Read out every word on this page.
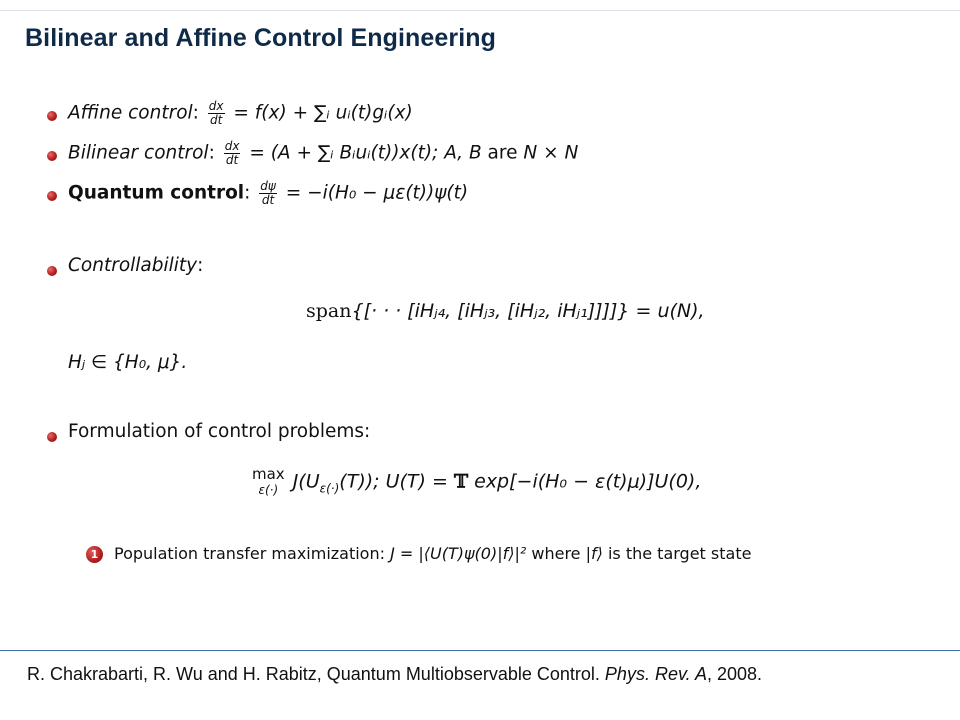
Bilinear and Affine Control Engineering
Affine control: $\frac{dx}{dt} = f(x)$ + ∑ᵢ uᵢ(t)gᵢ(x)
Bilinear control: $\frac{dx}{dt} = (A$ + ∑ᵢ Bᵢuᵢ(t))x(t); A, B are N × N
Quantum control: $\frac{d\psi}{dt} = -i(H_0 - \mu\varepsilon(t))\psi(t)$
Controllability:
span{[· · · [iHⱼ₄, [iHⱼ₃, [iHⱼ₂, iHⱼ₁]]]]} = u(N),
Hⱼ ∈ {H₀, μ}.
Formulation of control problems:
max
ε(·) $J(U_{\varepsilon(\cdot)}(T))$; U(T) = 𝕋 exp[−i(H₀ − ε(t)μ)]U(0),
1 Population transfer maximization: J = |⟨U(T)ψ(0)|f⟩|² where |f⟩ is the target state
R. Chakrabarti, R. Wu and H. Rabitz, Quantum Multiobservable Control. Phys. Rev. A, 2008.
